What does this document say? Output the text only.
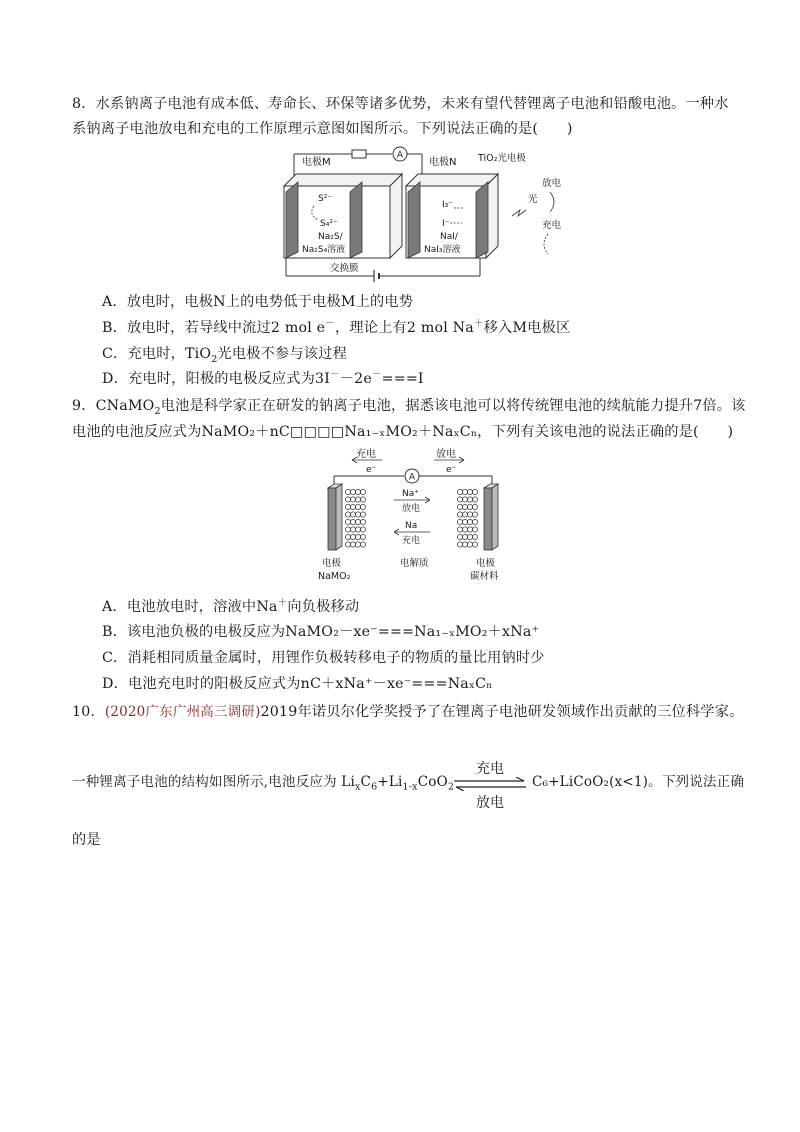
8．水系钠离子电池有成本低、寿命长、环保等诸多优势，未来有望代替锂离子电池和铅酸电池。一种水
系钠离子电池放电和充电的工作原理示意图如图所示。下列说法正确的是(　　)
A
电极M	电极N TiO₂光电极
S²⁻
S₄²⁻
Na₂S/
Na₂S₄溶液
I₃⁻
I⁻
NaI/
NaI₃溶液
交换膜
放电
光
充电
A．放电时，电极N上的电势低于电极M上的电势
B．放电时，若导线中流过2 mol e－，理论上有2 mol Na＋移入M电极区
C．充电时，TiO$_2$光电极不参与该过程
D．充电时，阳极的电极反应式为3I－－2e－===I
9．CNaMO$_2$电池是科学家正在研发的钠离子电池，据悉该电池可以将传统锂电池的续航能力提升7倍。该
电池的电池反应式为NaMO₂＋nC□□□□Na₁₋ₓMO₂＋NaₓCₙ，下列有关该电池的说法正确的是(　　)
充电
e⁻
放电
e⁻
A
Na⁺
放电
Na
充电
电极
NaMO₂
电解质	电极
碳材料
A．电池放电时，溶液中Na＋向负极移动
B．该电池负极的电极反应为NaMO₂－xe⁻===Na₁₋ₓMO₂＋xNa⁺
C．消耗相同质量金属时，用锂作负极转移电子的物质的量比用钠时少
D．电池充电时的阳极反应式为nC＋xNa⁺－xe⁻===NaₓCₙ
10．(2020广东广州高三调研)2019年诺贝尔化学奖授予了在锂离子电池研发领域作出贡献的三位科学家。
一种锂离子电池的结构如图所示,电池反应为 $Li_xC_6+Li_{1-x}CoO_2$
充电
放电
C₆+LiCoO₂(x<1)。下列说法正确
的是
